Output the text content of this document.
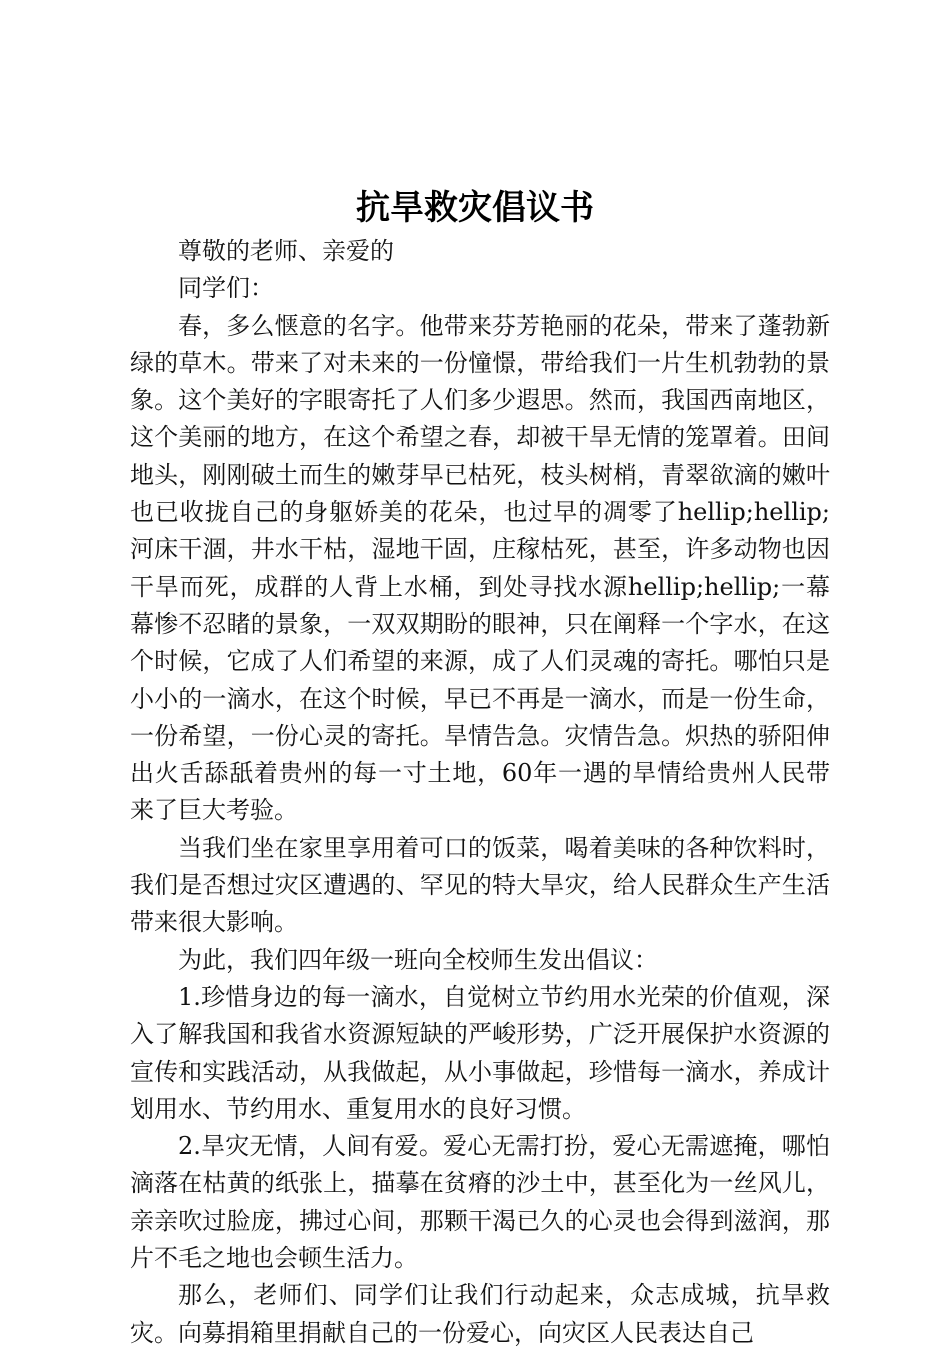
抗旱救灾倡议书

尊敬的老师、亲爱的

同学们：

春，多么惬意的名字。他带来芬芳艳丽的花朵，带来了蓬勃新绿的草木。带来了对未来的一份憧憬，带给我们一片生机勃勃的景象。这个美好的字眼寄托了人们多少遐思。然而，我国西南地区，这个美丽的地方，在这个希望之春，却被干旱无情的笼罩着。田间地头，刚刚破土而生的嫩芽早已枯死，枝头树梢，青翠欲滴的嫩叶也已收拢自己的身躯娇美的花朵，也过早的凋零了hellip;hellip;河床干涸，井水干枯，湿地干固，庄稼枯死，甚至，许多动物也因干旱而死，成群的人背上水桶，到处寻找水源hellip;hellip;一幕幕惨不忍睹的景象，一双双期盼的眼神，只在阐释一个字水，在这个时候，它成了人们希望的来源，成了人们灵魂的寄托。哪怕只是小小的一滴水，在这个时候，早已不再是一滴水，而是一份生命，一份希望，一份心灵的寄托。旱情告急。灾情告急。炽热的骄阳伸出火舌舔舐着贵州的每一寸土地，60年一遇的旱情给贵州人民带来了巨大考验。

当我们坐在家里享用着可口的饭菜，喝着美味的各种饮料时，我们是否想过灾区遭遇的、罕见的特大旱灾，给人民群众生产生活带来很大影响。

为此，我们四年级一班向全校师生发出倡议：

1.珍惜身边的每一滴水，自觉树立节约用水光荣的价值观，深入了解我国和我省水资源短缺的严峻形势，广泛开展保护水资源的宣传和实践活动，从我做起，从小事做起，珍惜每一滴水，养成计划用水、节约用水、重复用水的良好习惯。

2.旱灾无情，人间有爱。爱心无需打扮，爱心无需遮掩，哪怕滴落在枯黄的纸张上，描摹在贫瘠的沙土中，甚至化为一丝风儿，亲亲吹过脸庞，拂过心间，那颗干渴已久的心灵也会得到滋润，那片不毛之地也会顿生活力。

那么，老师们、同学们让我们行动起来，众志成城，抗旱救灾。向募捐箱里捐献自己的一份爱心，向灾区人民表达自己
